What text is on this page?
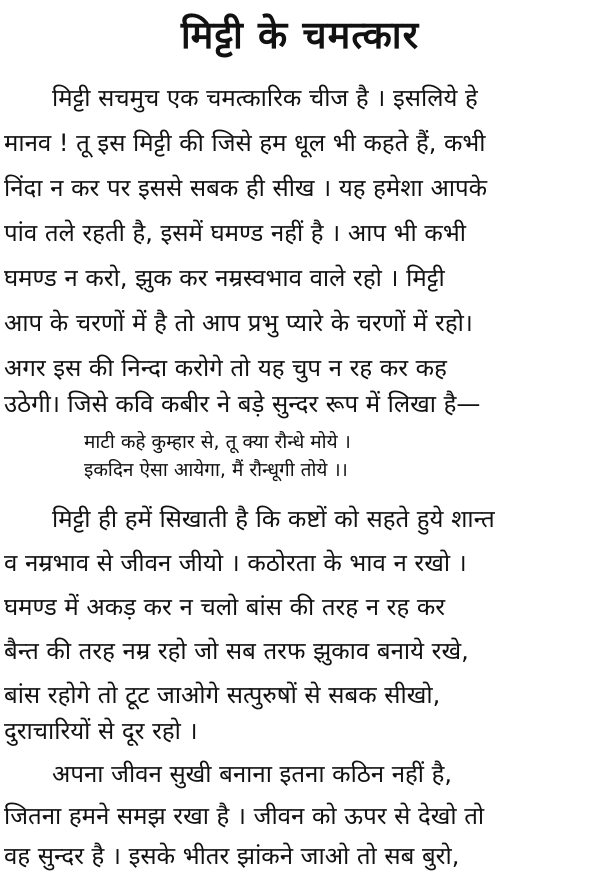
मिट्टी के चमत्कार
मिट्टी सचमुच एक चमत्कारिक चीज है । इसलिये हे
मानव ! तू इस मिट्टी की जिसे हम धूल भी कहते हैं, कभी
निंदा न कर पर इससे सबक ही सीख । यह हमेशा आपके
पांव तले रहती है, इसमें घमण्ड नहीं है । आप भी कभी
घमण्ड न करो, झुक कर नम्रस्वभाव वाले रहो । मिट्टी
आप के चरणों में है तो आप प्रभु प्यारे के चरणों में रहो।
अगर इस की निन्दा करोगे तो यह चुप न रह कर कह
उठेगी। जिसे कवि कबीर ने बड़े सुन्दर रूप में लिखा है—
माटी कहे कुम्हार से, तू क्या रौन्धे मोये ।
इकदिन ऐसा आयेगा, मैं रौन्धूगी तोये ।।
मिट्टी ही हमें सिखाती है कि कष्टों को सहते हुये शान्त
व नम्रभाव से जीवन जीयो । कठोरता के भाव न रखो ।
घमण्ड में अकड़ कर न चलो बांस की तरह न रह कर
बैन्त की तरह नम्र रहो जो सब तरफ झुकाव बनाये रखे,
बांस रहोगे तो टूट जाओगे सत्पुरुषों से सबक सीखो,
दुराचारियों से दूर रहो ।
अपना जीवन सुखी बनाना इतना कठिन नहीं है,
जितना हमने समझ रखा है । जीवन को ऊपर से देखो तो
वह सुन्दर है । इसके भीतर झांकने जाओ तो सब बुरो,
